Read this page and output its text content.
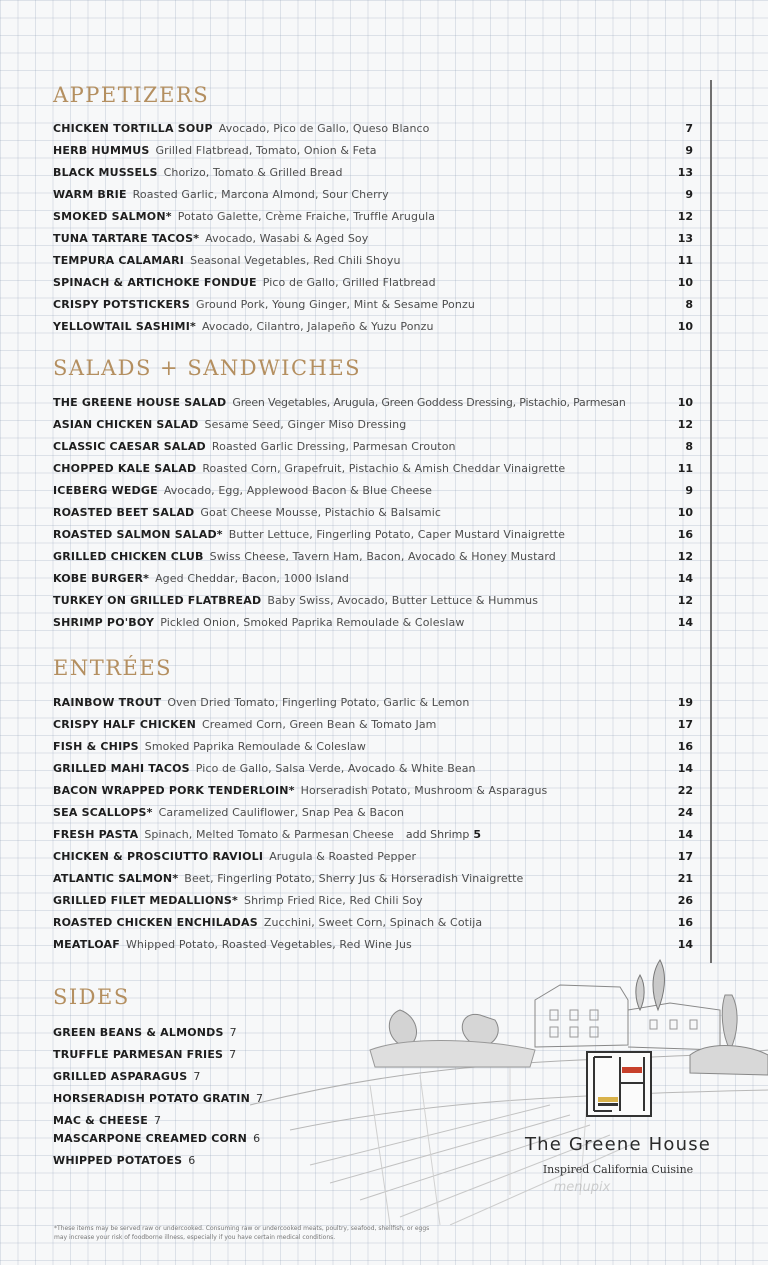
APPETIZERS
CHICKEN TORTILLA SOUP Avocado, Pico de Gallo, Queso Blanco	7
HERB HUMMUS Grilled Flatbread, Tomato, Onion & Feta	9
BLACK MUSSELS Chorizo, Tomato & Grilled Bread	13
WARM BRIE Roasted Garlic, Marcona Almond, Sour Cherry	9
SMOKED SALMON* Potato Galette, Crème Fraiche, Truffle Arugula	12
TUNA TARTARE TACOS* Avocado, Wasabi & Aged Soy	13
TEMPURA CALAMARI Seasonal Vegetables, Red Chili Shoyu	11
SPINACH & ARTICHOKE FONDUE Pico de Gallo, Grilled Flatbread	10
CRISPY POTSTICKERS Ground Pork, Young Ginger, Mint & Sesame Ponzu	8
YELLOWTAIL SASHIMI* Avocado, Cilantro, Jalapeño & Yuzu Ponzu	10
SALADS + SANDWICHES
THE GREENE HOUSE SALAD Green Vegetables, Arugula, Green Goddess Dressing, Pistachio, Parmesan	10
ASIAN CHICKEN SALAD Sesame Seed, Ginger Miso Dressing	12
CLASSIC CAESAR SALAD Roasted Garlic Dressing, Parmesan Crouton	8
CHOPPED KALE SALAD Roasted Corn, Grapefruit, Pistachio & Amish Cheddar Vinaigrette	11
ICEBERG WEDGE Avocado, Egg, Applewood Bacon & Blue Cheese	9
ROASTED BEET SALAD Goat Cheese Mousse, Pistachio & Balsamic	10
ROASTED SALMON SALAD* Butter Lettuce, Fingerling Potato, Caper Mustard Vinaigrette	16
GRILLED CHICKEN CLUB Swiss Cheese, Tavern Ham, Bacon, Avocado & Honey Mustard	12
KOBE BURGER* Aged Cheddar, Bacon, 1000 Island	14
TURKEY ON GRILLED FLATBREAD Baby Swiss, Avocado, Butter Lettuce & Hummus	12
SHRIMP PO'BOY Pickled Onion, Smoked Paprika Remoulade & Coleslaw	14
ENTRÉES
RAINBOW TROUT Oven Dried Tomato, Fingerling Potato, Garlic & Lemon	19
CRISPY HALF CHICKEN Creamed Corn, Green Bean & Tomato Jam	17
FISH & CHIPS Smoked Paprika Remoulade & Coleslaw	16
GRILLED MAHI TACOS Pico de Gallo, Salsa Verde, Avocado & White Bean	14
BACON WRAPPED PORK TENDERLOIN* Horseradish Potato, Mushroom & Asparagus	22
SEA SCALLOPS* Caramelized Cauliflower, Snap Pea & Bacon	24
FRESH PASTA Spinach, Melted Tomato & Parmesan Cheese add Shrimp 5	14
CHICKEN & PROSCIUTTO RAVIOLI Arugula & Roasted Pepper	17
ATLANTIC SALMON* Beet, Fingerling Potato, Sherry Jus & Horseradish Vinaigrette	21
GRILLED FILET MEDALLIONS* Shrimp Fried Rice, Red Chili Soy	26
ROASTED CHICKEN ENCHILADAS Zucchini, Sweet Corn, Spinach & Cotija	16
MEATLOAF Whipped Potato, Roasted Vegetables, Red Wine Jus	14
The Greene House
Inspired California Cuisine
menupix
SIDES
GREEN BEANS & ALMONDS 7
TRUFFLE PARMESAN FRIES 7
GRILLED ASPARAGUS 7
HORSERADISH POTATO GRATIN 7
MAC & CHEESE 7
MASCARPONE CREAMED CORN 6
WHIPPED POTATOES 6
*These items may be served raw or undercooked. Consuming raw or undercooked meats, poultry, seafood, shellfish, or eggs may increase your risk of foodborne illness, especially if you have certain medical conditions.
